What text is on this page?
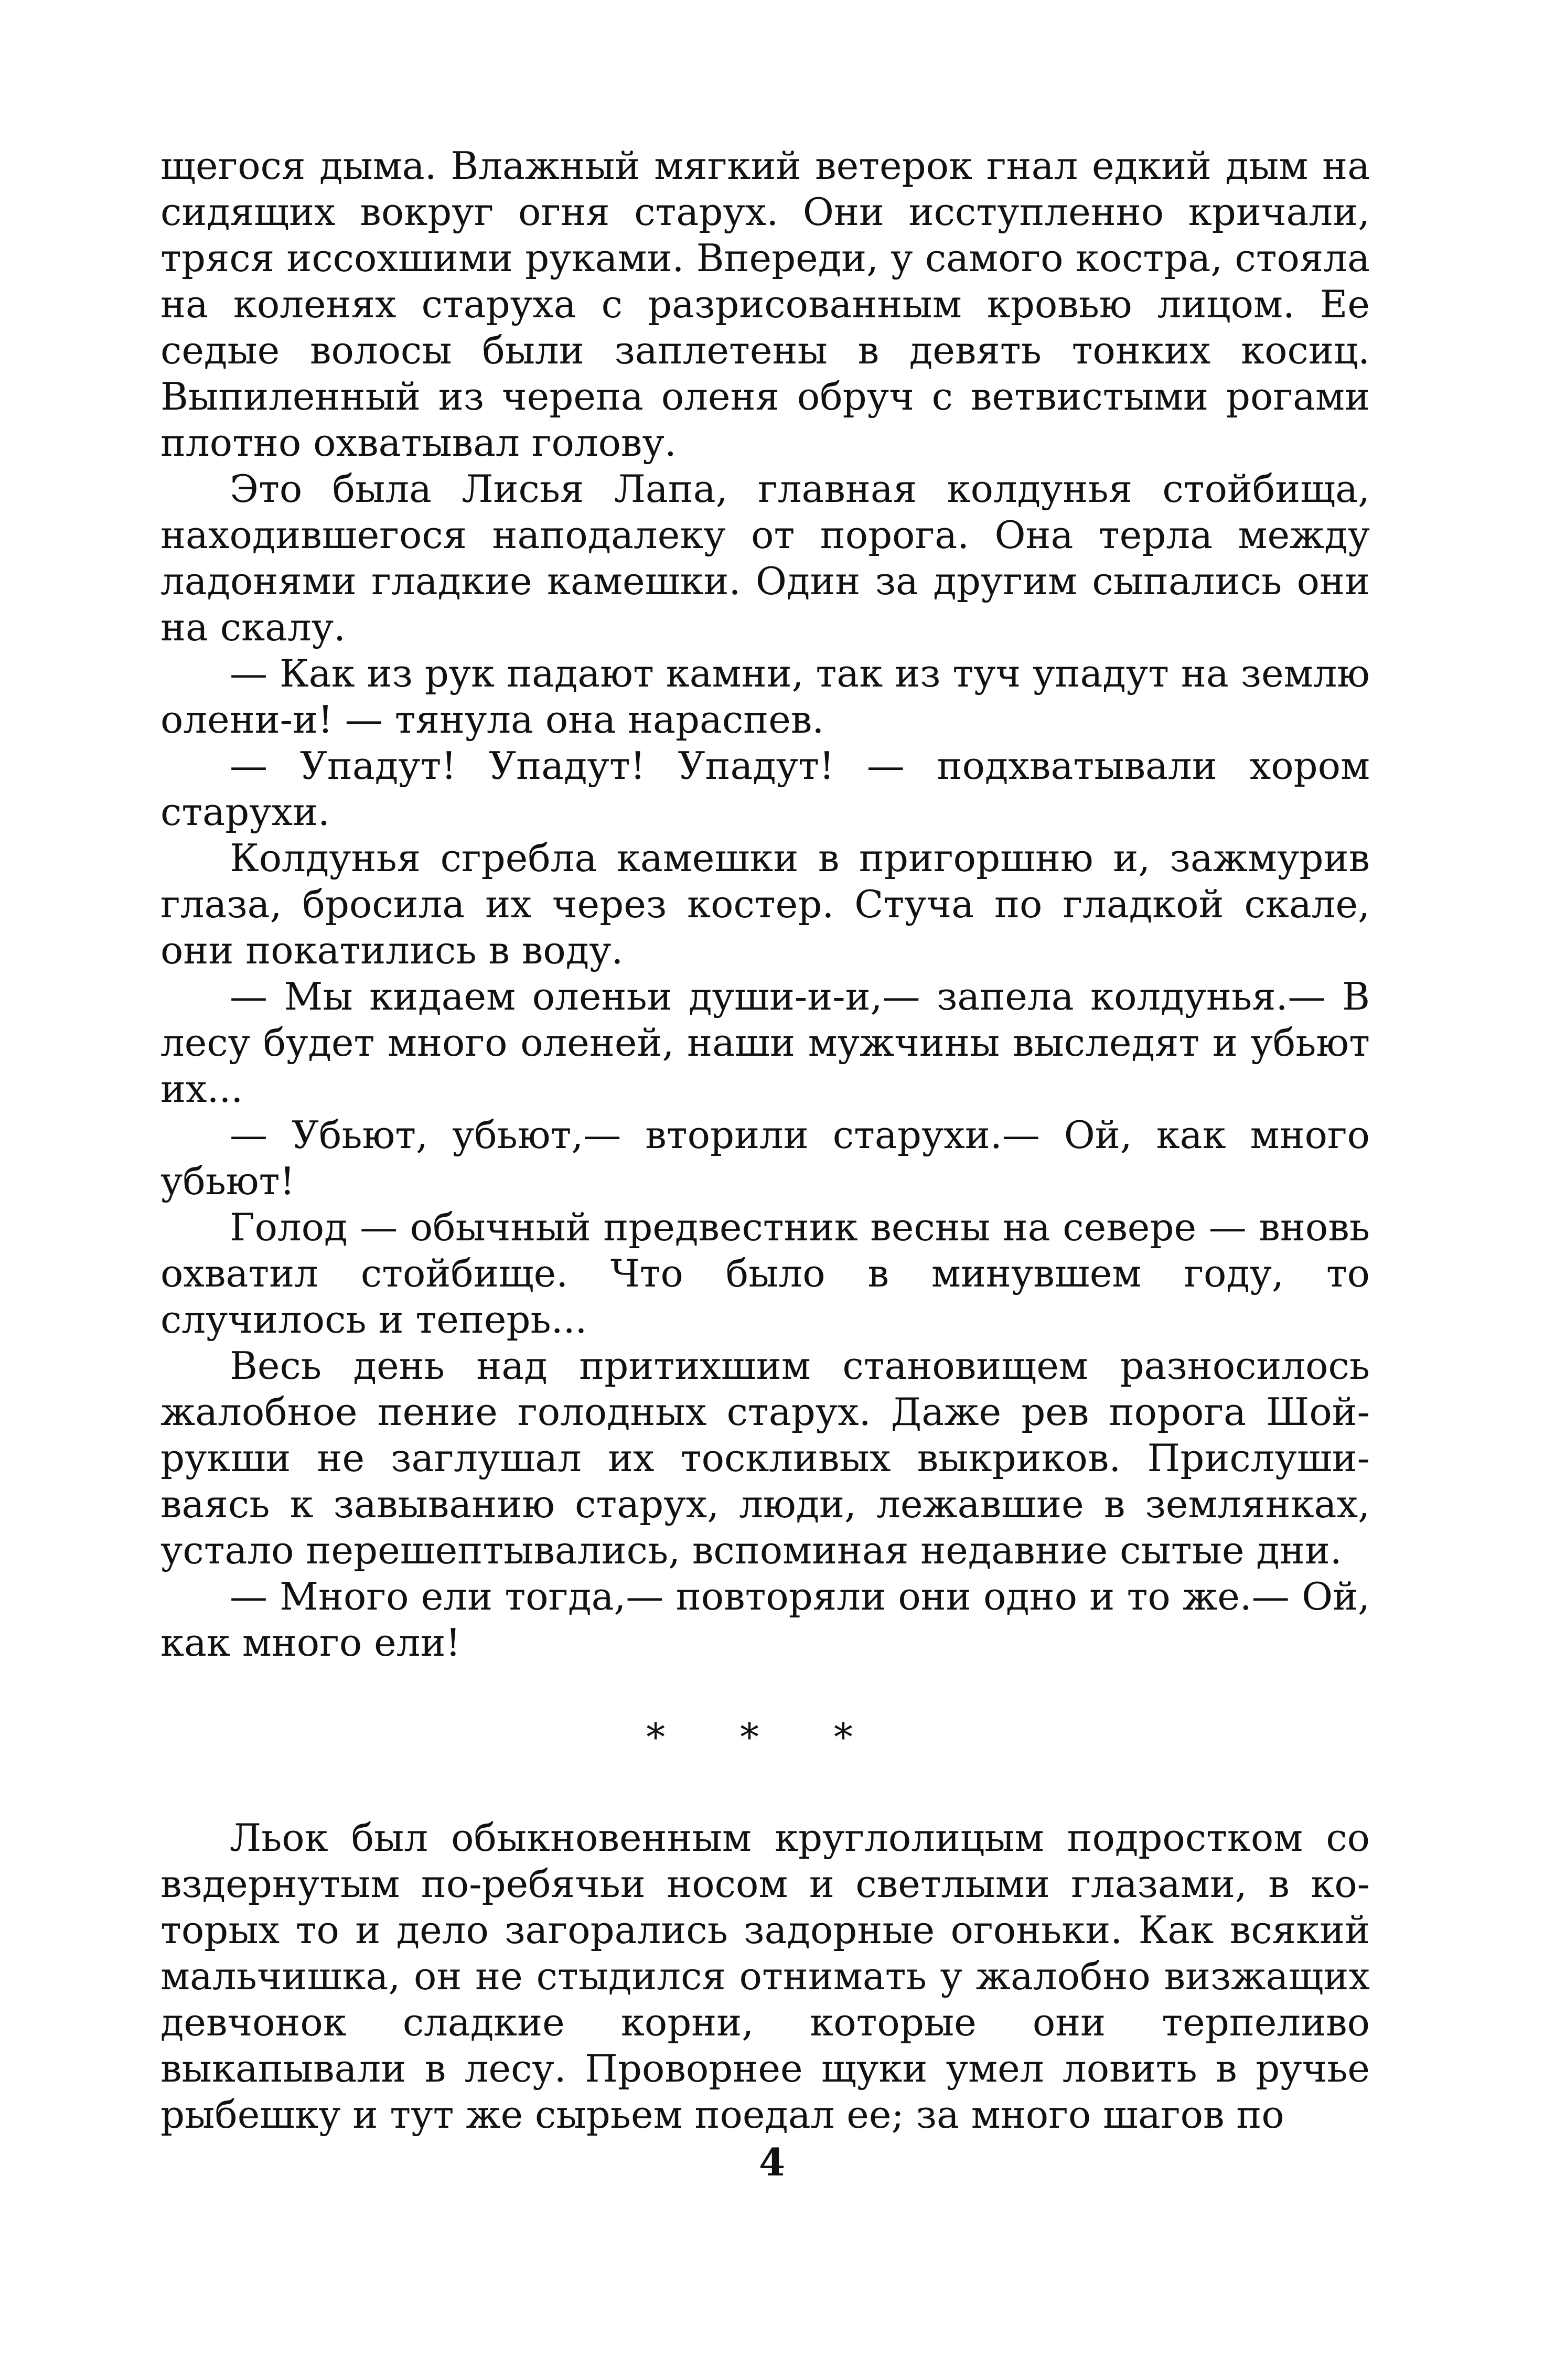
щегося дыма. Влажный мягкий ветерок гнал едкий дым на сидящих вокруг огня старух. Они исступленно кричали, тряся иссохшими руками. Впереди, у самого костра, стояла на коленях старуха с разрисованным кровью лицом. Ее седые волосы были заплетены в девять тонких косиц. Выпиленный из черепа оленя обруч с ветвистыми рогами плотно охватывал голову.

Это была Лисья Лапа, главная колдунья стойбища, находившегося наподалеку от порога. Она терла между ладонями гладкие камешки. Один за другим сыпались они на скалу.

— Как из рук падают камни, так из туч упадут на землю олени-и! — тянула она нараспев.

— Упадут! Упадут! Упадут! — подхватывали хором старухи.

Колдунья сгребла камешки в пригоршню и, зажмурив глаза, бросила их через костер. Стуча по гладкой скале, они покатились в воду.

— Мы кидаем оленьи души-и-и,— запела колдунья.— В лесу будет много оленей, наши мужчины выследят и убьют их...

— Убьют, убьют,— вторили старухи.— Ой, как много убьют!

Голод — обычный предвестник весны на севере — вновь охватил стойбище. Что было в минувшем году, то случилось и теперь...

Весь день над притихшим становищем разносилось жалобное пение голодных старух. Даже рев порога Шойрукши не заглушал их тоскливых выкриков. Прислушиваясь к завыванию старух, люди, лежавшие в землянках, устало перешептывались, вспоминая недавние сытые дни.

— Много ели тогда,— повторяли они одно и то же.— Ой, как много ели!

* * *

Льок был обыкновенным круглолицым подростком со вздернутым по-ребячьи носом и светлыми глазами, в которых то и дело загорались задорные огоньки. Как всякий мальчишка, он не стыдился отнимать у жалобно визжащих девчонок сладкие корни, которые они терпеливо выкапывали в лесу. Проворнее щуки умел ловить в ручье рыбешку и тут же сырьем поедал ее; за много шагов по

4
